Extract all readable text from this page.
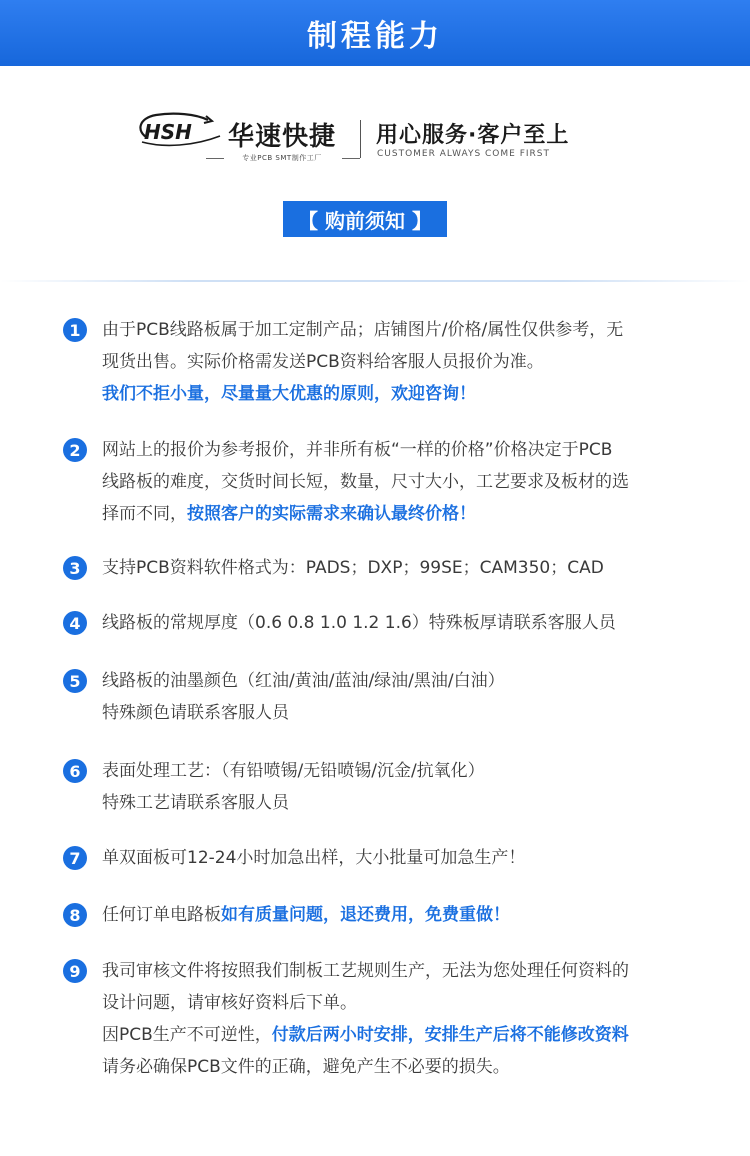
制程能力
HSH 华速快捷
专业PCB SMT制作工厂
用心服务·客户至上
CUSTOMER ALWAYS COME FIRST
【 购前须知 】
1	由于PCB线路板属于加工定制产品；店铺图片/价格/属性仅供参考，无
现货出售。实际价格需发送PCB资料给客服人员报价为准。
我们不拒小量，尽量量大优惠的原则，欢迎咨询！
2	网站上的报价为参考报价，并非所有板“一样的价格”价格决定于PCB
线路板的难度，交货时间长短，数量，尺寸大小，工艺要求及板材的选
择而不同，按照客户的实际需求来确认最终价格！
3	支持PCB资料软件格式为：PADS；DXP；99SE；CAM350；CAD
4	线路板的常规厚度（0.6 0.8 1.0 1.2 1.6）特殊板厚请联系客服人员
5	线路板的油墨颜色（红油/黄油/蓝油/绿油/黑油/白油）
特殊颜色请联系客服人员
6	表面处理工艺：（有铅喷锡/无铅喷锡/沉金/抗氧化）
特殊工艺请联系客服人员
7	单双面板可12-24小时加急出样，大小批量可加急生产！
8	任何订单电路板如有质量问题，退还费用，免费重做！
9	我司审核文件将按照我们制板工艺规则生产，无法为您处理任何资料的
设计问题，请审核好资料后下单。
因PCB生产不可逆性，付款后两小时安排，安排生产后将不能修改资料
请务必确保PCB文件的正确，避免产生不必要的损失。
